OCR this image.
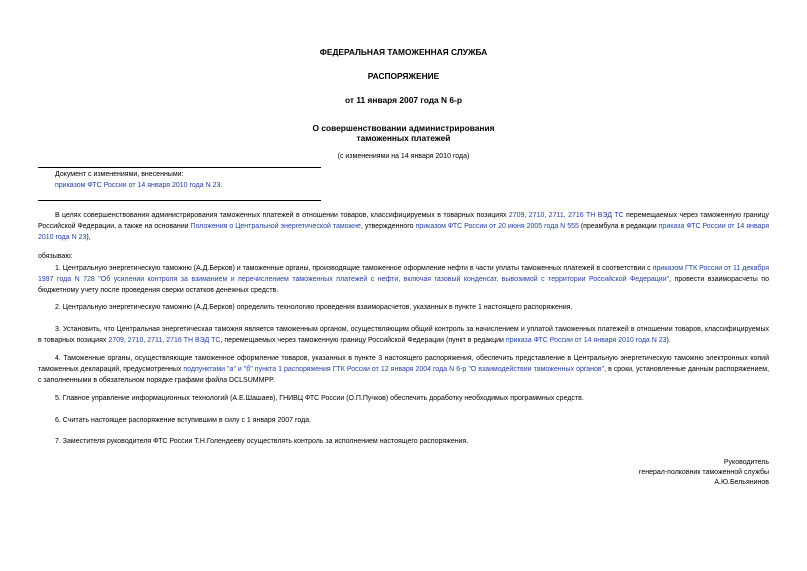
ФЕДЕРАЛЬНАЯ ТАМОЖЕННАЯ СЛУЖБА
РАСПОРЯЖЕНИЕ
от 11 января 2007 года N 6-р
О совершенствовании администрирования
таможенных платежей
(с изменениями на 14 января 2010 года)
Документ с изменениями, внесенными:
приказом ФТС России от 14 января 2010 года N 23.
В целях совершенствования администрирования таможенных платежей в отношении товаров, классифицируемых в товарных позициях 2709, 2710, 2711, 2716 ТН ВЭД ТС перемещаемых через таможенную границу Российской Федерации, а также на основании Положения о Центральной энергетической таможне, утвержденного приказом ФТС России от 20 июня 2005 года N 555 (преамбула в редакции приказа ФТС России от 14 января 2010 года N 23),
обязываю:
1. Центральную энергетическую таможню (А.Д.Берков) и таможенные органы, производящие таможенное оформление нефти в части уплаты таможенных платежей в соответствии с приказом ГТК России от 11 декабря 1997 года N 728 "Об усилении контроля за взиманием и перечислением таможенных платежей с нефти, включая газовый конденсат, вывозимой с территории Российской Федерации", провести взаиморасчеты по бюджетному учету после проведения сверки остатков денежных средств.
2. Центральную энергетическую таможню (А.Д.Берков) определить технологию проведения взаиморасчетов, указанных в пункте 1 настоящего распоряжения.
3. Установить, что Центральная энергетическая таможня является таможенным органом, осуществляющим общий контроль за начислением и уплатой таможенных платежей в отношении товаров, классифицируемых в товарных позициях 2709, 2710, 2711, 2716 ТН ВЭД ТС, перемещаемых через таможенную границу Российской Федерации (пункт в редакции приказа ФТС России от 14 января 2010 года N 23).
4. Таможенные органы, осуществляющие таможенное оформление товаров, указанных в пункте 3 настоящего распоряжения, обеспечить представление в Центральную энергетическую таможню электронных копий таможенных деклараций, предусмотренных подпунктами "а" и "б" пункта 1 распоряжения ГТК России от 12 января 2004 года N 6-р "О взаимодействии таможенных органов", в сроки, установленные данным распоряжением, с заполненными в обязательном порядке графами файла DCLSUMMPP.
5. Главное управление информационных технологий (А.Е.Шашаев), ГНИВЦ ФТС России (О.П.Пучков) обеспечить доработку необходимых программных средств.
6. Считать настоящее распоряжение вступившим в силу с 1 января 2007 года.
7. Заместителя руководителя ФТС России Т.Н.Голендееву осуществлять контроль за исполнением настоящего распоряжения.
Руководитель
генерал-полковник таможенной службы
А.Ю.Бельянинов
